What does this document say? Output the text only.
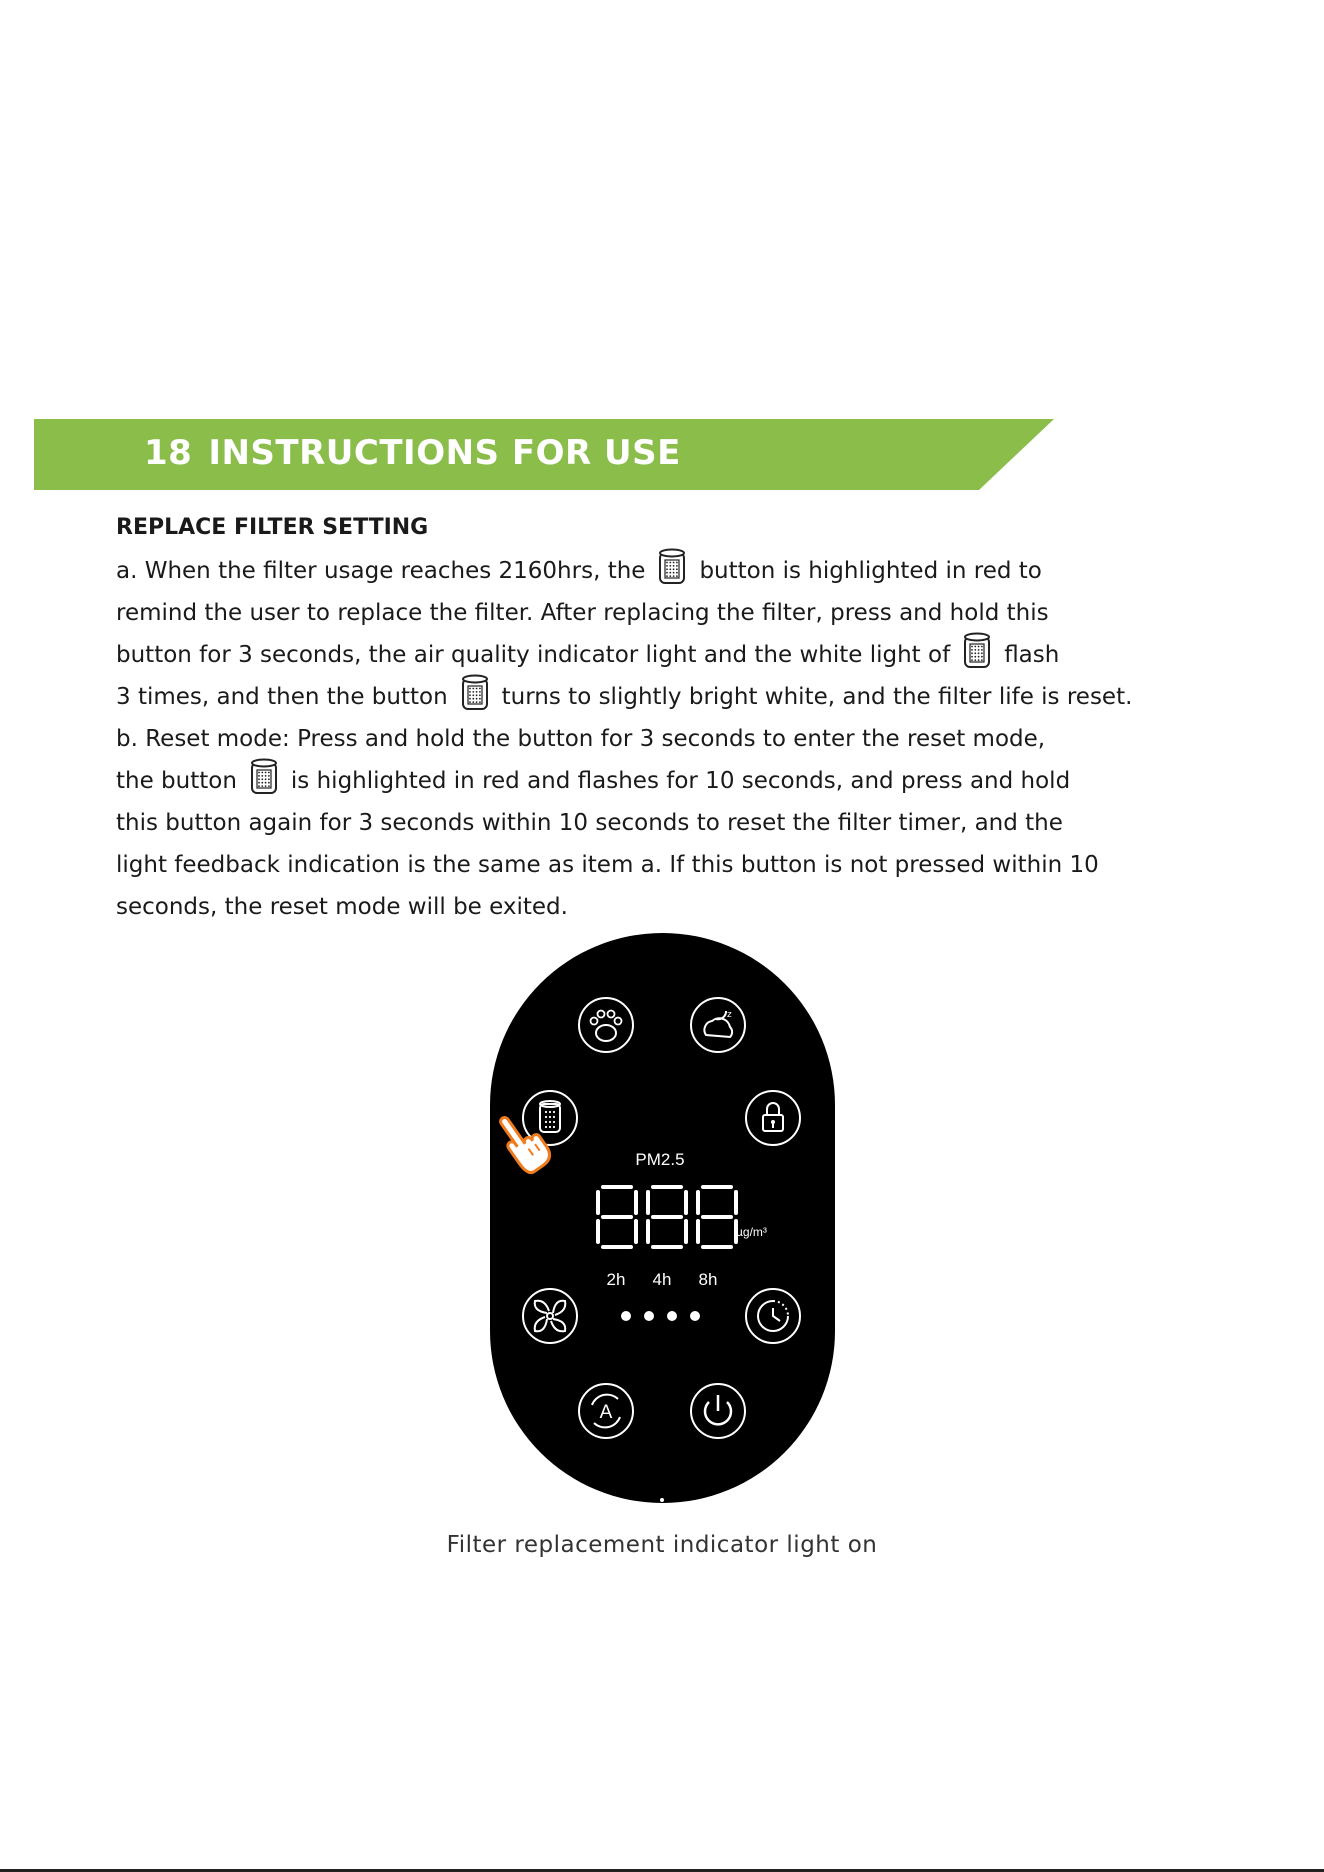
18 INSTRUCTIONS FOR USE
REPLACE FILTER SETTING
a. When the filter usage reaches 2160hrs, the button is highlighted in red to
remind the user to replace the filter. After replacing the filter, press and hold this
button for 3 seconds, the air quality indicator light and the white light of flash
3 times, and then the button turns to slightly bright white, and the filter life is reset.
b. Reset mode: Press and hold the button for 3 seconds to enter the reset mode,
the button is highlighted in red and flashes for 10 seconds, and press and hold
this button again for 3 seconds within 10 seconds to reset the filter timer, and the
light feedback indication is the same as item a. If this button is not pressed within 10
seconds, the reset mode will be exited.
z
PM2.5
µg/m³
2h 4h 8h
A
Filter replacement indicator light on
